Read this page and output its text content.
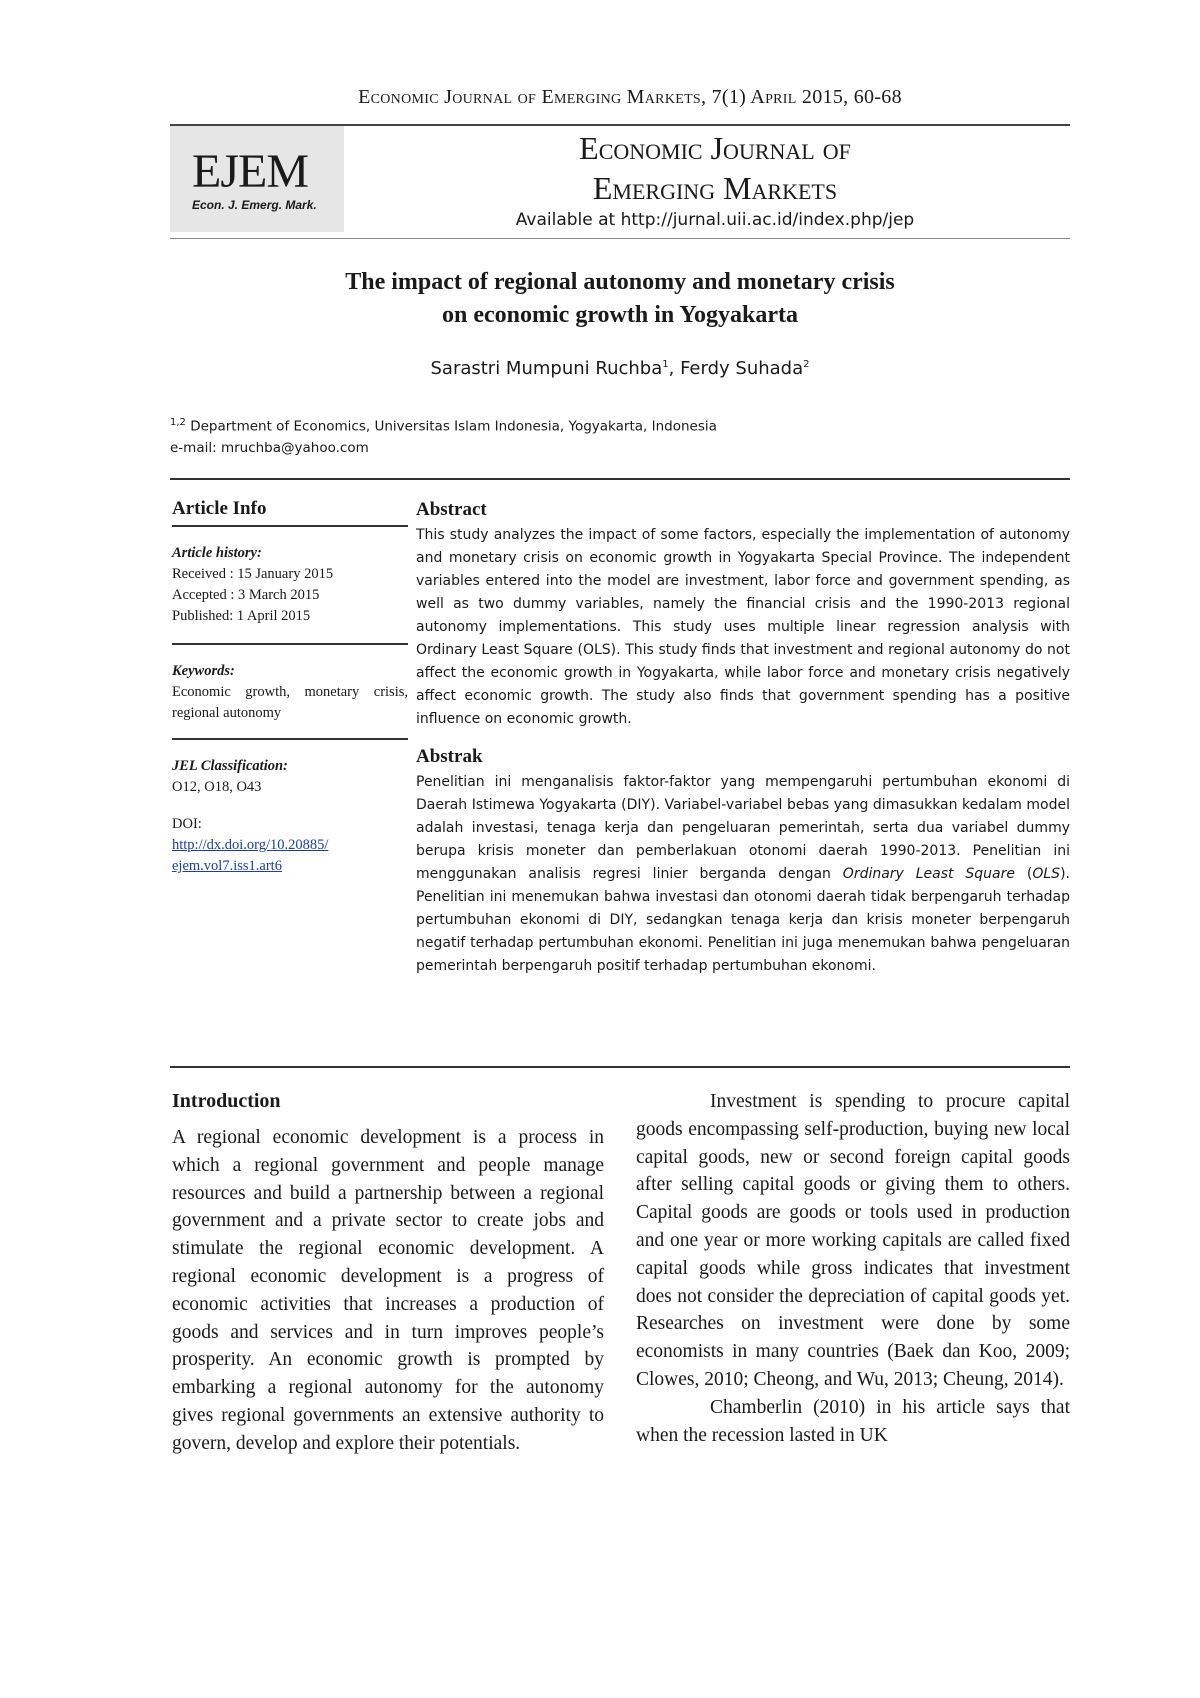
Economic Journal of Emerging Markets, 7(1) April 2015, 60-68
EJEM
Econ. J. Emerg. Mark.
Economic Journal of
Emerging Markets
Available at http://jurnal.uii.ac.id/index.php/jep
The impact of regional autonomy and monetary crisis
on economic growth in Yogyakarta
Sarastri Mumpuni Ruchba$^1$, Ferdy Suhada$^2$
$^{1,2}$ Department of Economics, Universitas Islam Indonesia, Yogyakarta, Indonesia
e-mail: mruchba@yahoo.com
Article Info
Article history:
Received : 15 January 2015
Accepted : 3 March 2015
Published: 1 April 2015
Keywords:
Economic growth, monetary crisis, regional autonomy
JEL Classification:
O12, O18, O43
DOI:
http://dx.doi.org/10.20885/
ejem.vol7.iss1.art6
Abstract

This study analyzes the impact of some factors, especially the implementation of autonomy and monetary crisis on economic growth in Yogyakarta Special Province. The independent variables entered into the model are investment, labor force and government spending, as well as two dummy variables, namely the financial crisis and the 1990-2013 regional autonomy implementations. This study uses multiple linear regression analysis with Ordinary Least Square (OLS). This study finds that investment and regional autonomy do not affect the economic growth in Yogyakarta, while labor force and monetary crisis negatively affect economic growth. The study also finds that government spending has a positive influence on economic growth.

Abstrak

Penelitian ini menganalisis faktor-faktor yang mempengaruhi pertumbuhan ekonomi di Daerah Istimewa Yogyakarta (DIY). Variabel-variabel bebas yang dimasukkan kedalam model adalah investasi, tenaga kerja dan pengeluaran pemerintah, serta dua variabel dummy berupa krisis moneter dan pemberlakuan otonomi daerah 1990-2013. Penelitian ini menggunakan analisis regresi linier berganda dengan Ordinary Least Square (OLS). Penelitian ini menemukan bahwa investasi dan otonomi daerah tidak berpengaruh terhadap pertumbuhan ekonomi di DIY, sedangkan tenaga kerja dan krisis moneter berpengaruh negatif terhadap pertumbuhan ekonomi. Penelitian ini juga menemukan bahwa pengeluaran pemerintah berpengaruh positif terhadap pertumbuhan ekonomi.

Introduction

A regional economic development is a process in which a regional government and people manage resources and build a partnership between a regional government and a private sector to create jobs and stimulate the regional economic development. A regional economic development is a progress of economic activities that increases a production of goods and services and in turn improves people’s prosperity. An economic growth is prompted by embarking a regional autonomy for the autonomy gives regional governments an extensive authority to govern, develop and explore their potentials.

Investment is spending to procure capital goods encompassing self-production, buying new local capital goods, new or second foreign capital goods after selling capital goods or giving them to others. Capital goods are goods or tools used in production and one year or more working capitals are called fixed capital goods while gross indicates that investment does not consider the depreciation of capital goods yet. Researches on investment were done by some economists in many countries (Baek dan Koo, 2009; Clowes, 2010; Cheong, and Wu, 2013; Cheung, 2014).

Chamberlin (2010) in his article says that when the recession lasted in UK
